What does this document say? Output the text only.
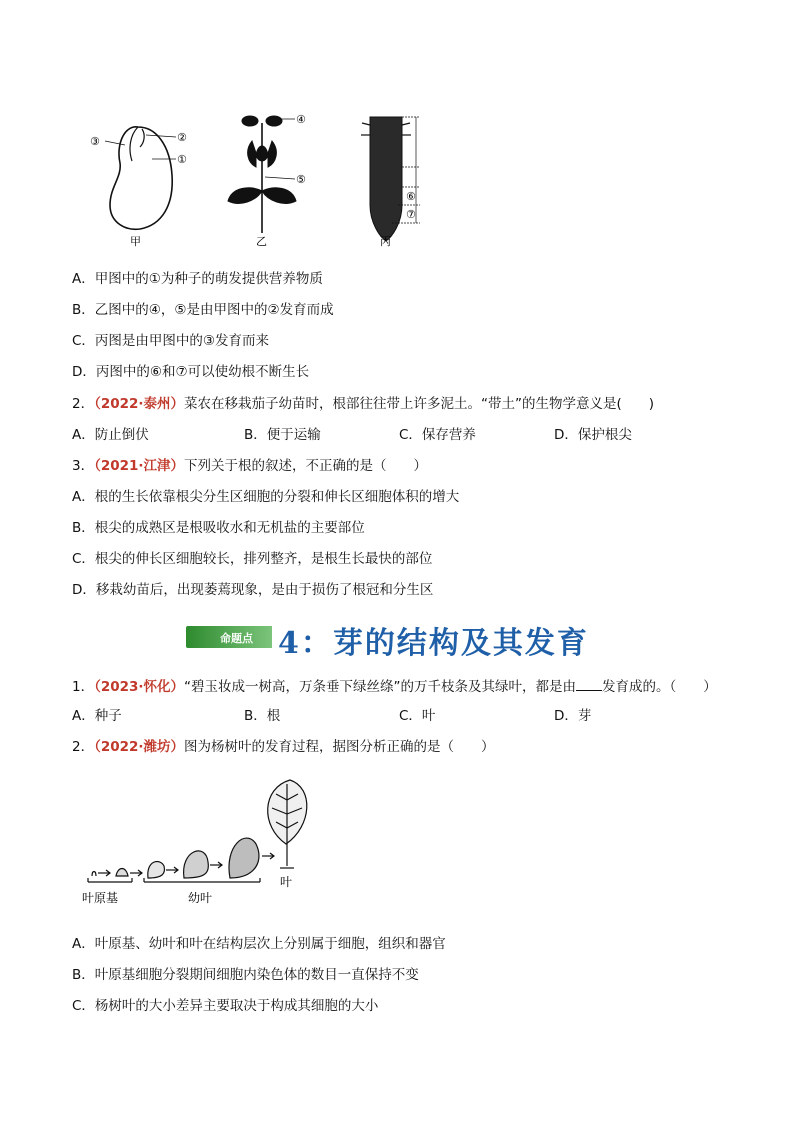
③	②
①
甲
④
⑤
乙
⑥
⑦
丙
A．甲图中的①为种子的萌发提供营养物质
B．乙图中的④，⑤是由甲图中的②发育而成
C．丙图是由甲图中的③发育而来
D．丙图中的⑥和⑦可以使幼根不断生长
2．（2022·泰州）菜农在移栽茄子幼苗时，根部往往带上许多泥土。“带土”的生物学意义是(　　)
A．防止倒伏	B．便于运输	C．保存营养	D．保护根尖
3．（2021·江津）下列关于根的叙述，不正确的是（　　）
A．根的生长依靠根尖分生区细胞的分裂和伸长区细胞体积的增大
B．根尖的成熟区是根吸收水和无机盐的主要部位
C．根尖的伸长区细胞较长，排列整齐，是根生长最快的部位
D．移栽幼苗后，出现萎蔫现象，是由于损伤了根冠和分生区
命题点 4：芽的结构及其发育
1．（2023·怀化）“碧玉妆成一树高，万条垂下绿丝绦”的万千枝条及其绿叶，都是由 发育成的。（　　）
A．种子	B．根	C．叶	D．芽
2．（2022·潍坊）图为杨树叶的发育过程，据图分析正确的是（　　）
叶原基	幼叶
叶
A．叶原基、幼叶和叶在结构层次上分别属于细胞，组织和器官
B．叶原基细胞分裂期间细胞内染色体的数目一直保持不变
C．杨树叶的大小差异主要取决于构成其细胞的大小
